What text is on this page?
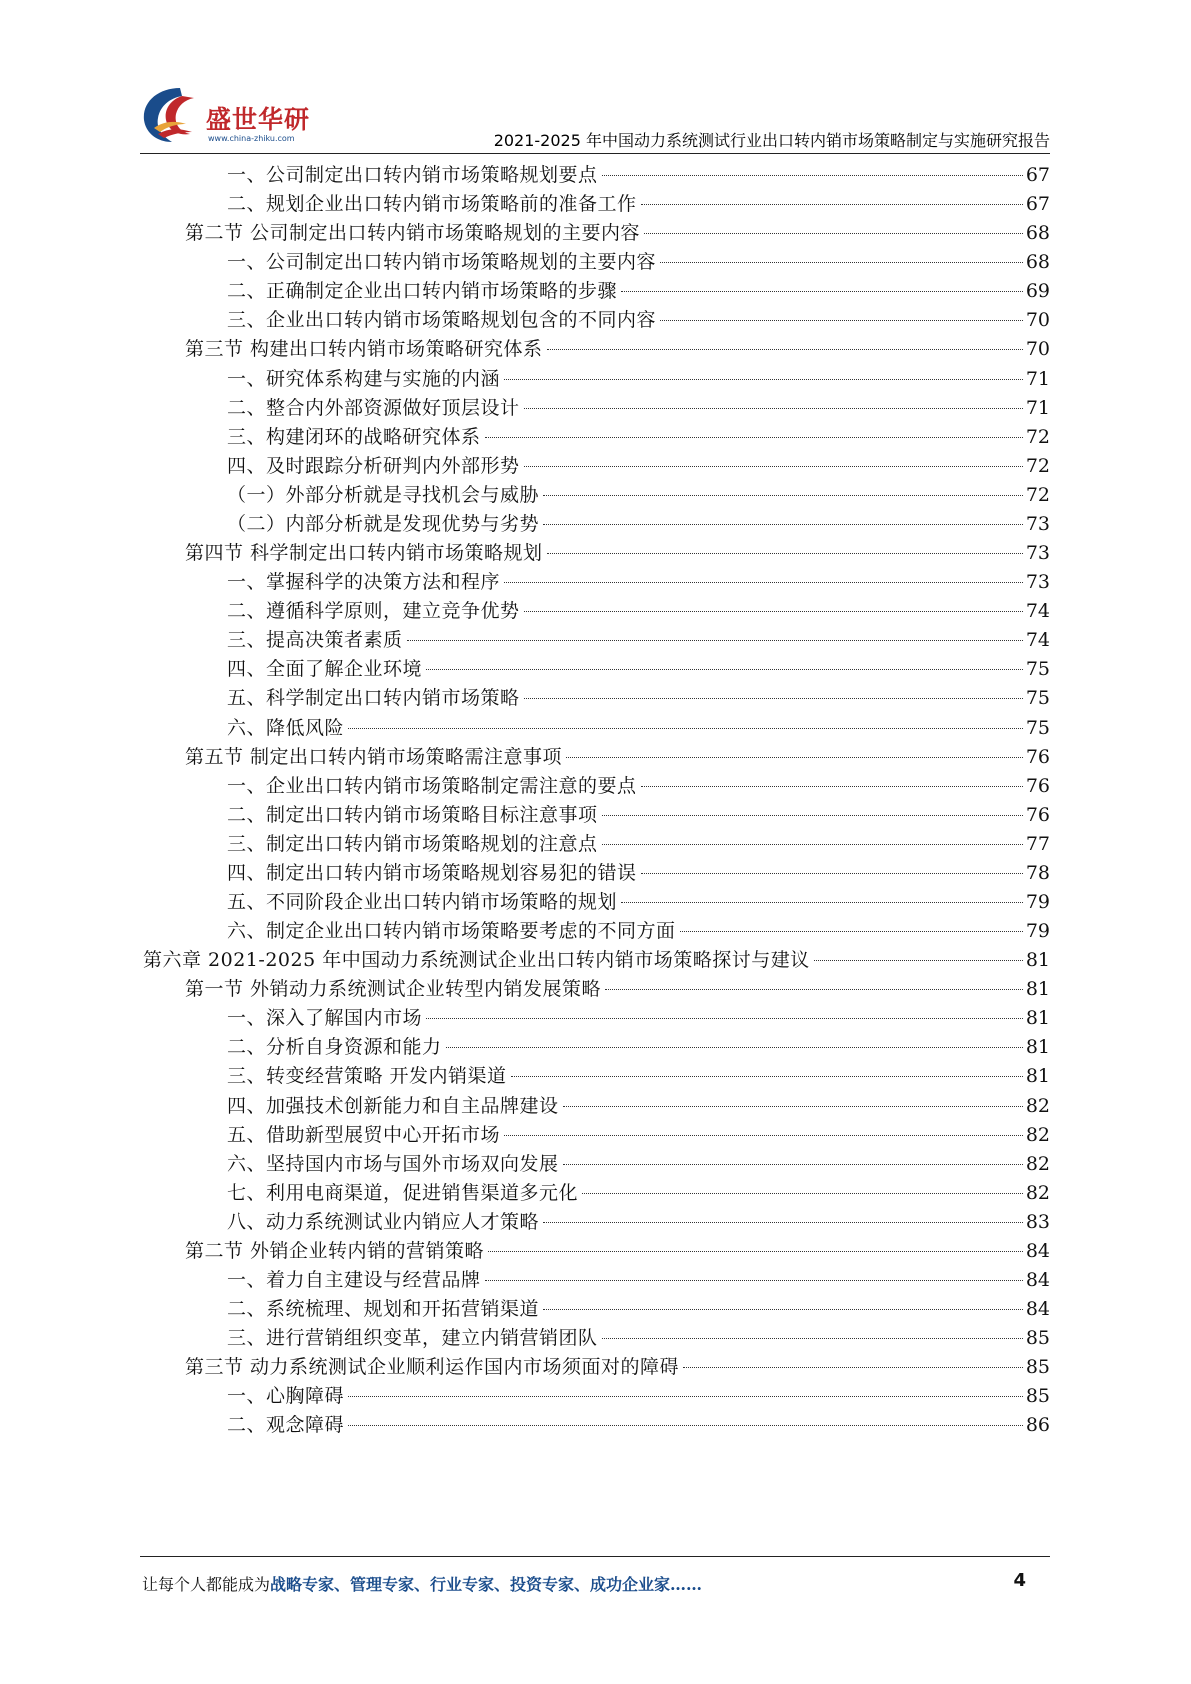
盛世华研
www.china-zhiku.com	2021-2025 年中国动力系统测试行业出口转内销市场策略制定与实施研究报告
一、公司制定出口转内销市场策略规划要点	67
二、规划企业出口转内销市场策略前的准备工作	67
第二节 公司制定出口转内销市场策略规划的主要内容	68
一、公司制定出口转内销市场策略规划的主要内容	68
二、正确制定企业出口转内销市场策略的步骤	69
三、企业出口转内销市场策略规划包含的不同内容	70
第三节 构建出口转内销市场策略研究体系	70
一、研究体系构建与实施的内涵	71
二、整合内外部资源做好顶层设计	71
三、构建闭环的战略研究体系	72
四、及时跟踪分析研判内外部形势	72
（一）外部分析就是寻找机会与威胁	72
（二）内部分析就是发现优势与劣势	73
第四节 科学制定出口转内销市场策略规划	73
一、掌握科学的决策方法和程序	73
二、遵循科学原则，建立竞争优势	74
三、提高决策者素质	74
四、全面了解企业环境	75
五、科学制定出口转内销市场策略	75
六、降低风险	75
第五节 制定出口转内销市场策略需注意事项	76
一、企业出口转内销市场策略制定需注意的要点	76
二、制定出口转内销市场策略目标注意事项	76
三、制定出口转内销市场策略规划的注意点	77
四、制定出口转内销市场策略规划容易犯的错误	78
五、不同阶段企业出口转内销市场策略的规划	79
六、制定企业出口转内销市场策略要考虑的不同方面	79
第六章 2021-2025 年中国动力系统测试企业出口转内销市场策略探讨与建议	81
第一节 外销动力系统测试企业转型内销发展策略	81
一、深入了解国内市场	81
二、分析自身资源和能力	81
三、转变经营策略 开发内销渠道	81
四、加强技术创新能力和自主品牌建设	82
五、借助新型展贸中心开拓市场	82
六、坚持国内市场与国外市场双向发展	82
七、利用电商渠道，促进销售渠道多元化	82
八、动力系统测试业内销应人才策略	83
第二节 外销企业转内销的营销策略	84
一、着力自主建设与经营品牌	84
二、系统梳理、规划和开拓营销渠道	84
三、进行营销组织变革，建立内销营销团队	85
第三节 动力系统测试企业顺利运作国内市场须面对的障碍	85
一、心胸障碍	85
二、观念障碍	86
让每个人都能成为战略专家、管理专家、行业专家、投资专家、成功企业家……	4
